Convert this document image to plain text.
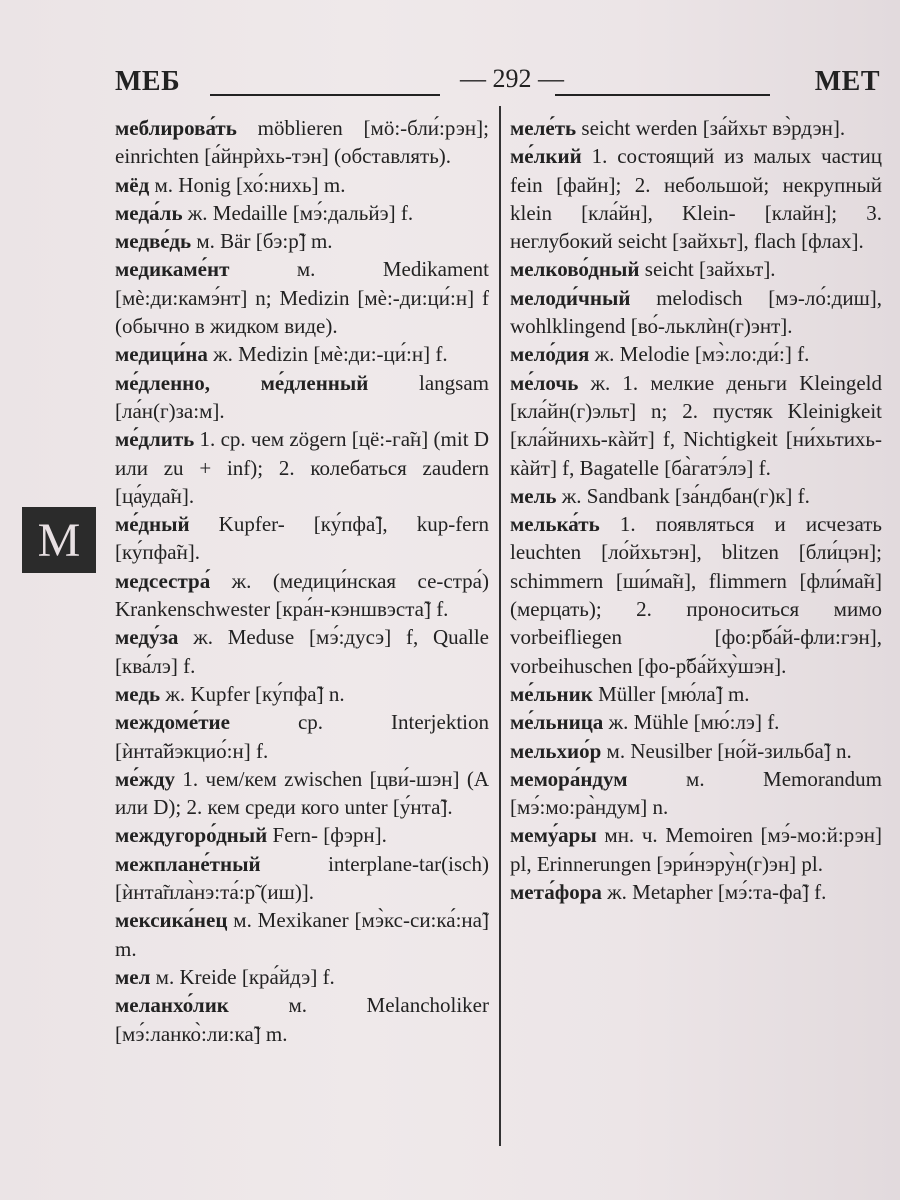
МЕБ	— 292 —	МЕТ
M

меблирова́ть möblieren [мӧ:-бли́:рэн]; einrichten [а́йнрѝхь-тэн] (обставлять).

мёд м. Honig [хо́:нихь] m.

меда́ль ж. Medaille [мэ́:дальйэ] f.

медве́дь м. Bär [бэ:р̃] m.

медикаме́нт м. Medikament [мѐ:ди:камэ́нт] n; Medizin [мѐ:-ди:ци́:н] f (обычно в жидком виде).

медици́на ж. Medizin [мѐ:ди:-ци́:н] f.

ме́дленно, ме́дленный langsam [ла́н(г)за:м].

ме́длить 1. ср. чем zögern [цё:-га̃н] (mit D или zu + inf); 2. колебаться zaudern [ца́уда̃н].

ме́дный Kupfer- [ку́пфа̃], kup-fern [ку́пфа̃н].

медсестра́ ж. (медици́нская се-стра́) Krankenschwester [кра́н-кэншвэста̃] f.

меду́за ж. Meduse [мэ́:дусэ] f, Qualle [ква́лэ] f.

медь ж. Kupfer [ку́пфа̃] n.

междоме́тие ср. Interjektion [ѝнта̃йэкцио́:н] f.

ме́жду 1. чем/кем zwischen [цви́-шэн] (A или D); 2. кем среди кого unter [у́нта̃].

междугоро́дный Fern- [фэрн].

межплане́тный interplane-tar(isch) [ѝнта̃пла̀нэ:та́:р̃ (иш)].

мексика́нец м. Mexikaner [мэ̀кс-си:ка́:на̃] m.

мел м. Kreide [кра́йдэ] f.

меланхо́лик м. Melancholiker [мэ́:ланко̀:ли:ка̃] m.

меле́ть seicht werden [за́йхьт вэ̀рдэн].

ме́лкий 1. состоящий из малых частиц fein [файн]; 2. небольшой; некрупный klein [кла́йн], Klein- [клайн]; 3. неглубокий seicht [зайхьт], flach [флах].

мелково́дный seicht [зайхьт].

мелоди́чный melodisch [мэ-ло́:диш], wohlklingend [во́-льклѝн(г)энт].

мело́дия ж. Melodie [мэ̀:ло:ди́:] f.

ме́лочь ж. 1. мелкие деньги Kleingeld [кла́йн(г)эльт] n; 2. пустяк Kleinigkeit [кла́йнихь-кàйт] f, Nichtigkeit [ни́хьтихь-кàйт] f, Bagatelle [ба̀гатэ́лэ] f.

мель ж. Sandbank [за́ндбан(г)к] f.

мелька́ть 1. появляться и исчезать leuchten [ло́йхьтэн], blitzen [бли́цэн]; schimmern [ши́ма̃н], flimmern [фли́ма̃н] (мерцать); 2. проноситься мимо vorbeifliegen [фо:р̃ба́й-фли:гэн], vorbeihuschen [фо-р̃ба́йху̀шэн].

ме́льник Müller [мю́ла̃] m.

ме́льница ж. Mühle [мю́:лэ] f.

мельхио́р м. Neusilber [но́й-зильба̃] n.

мемора́ндум м. Memorandum [мэ́:мо:ра̀ндум] n.

мему́ары мн. ч. Memoiren [мэ́-мо:й:рэн] pl, Erinnerungen [эри́нэру̀н(г)эн] pl.

мета́фора ж. Metapher [мэ́:та-фа̃] f.
